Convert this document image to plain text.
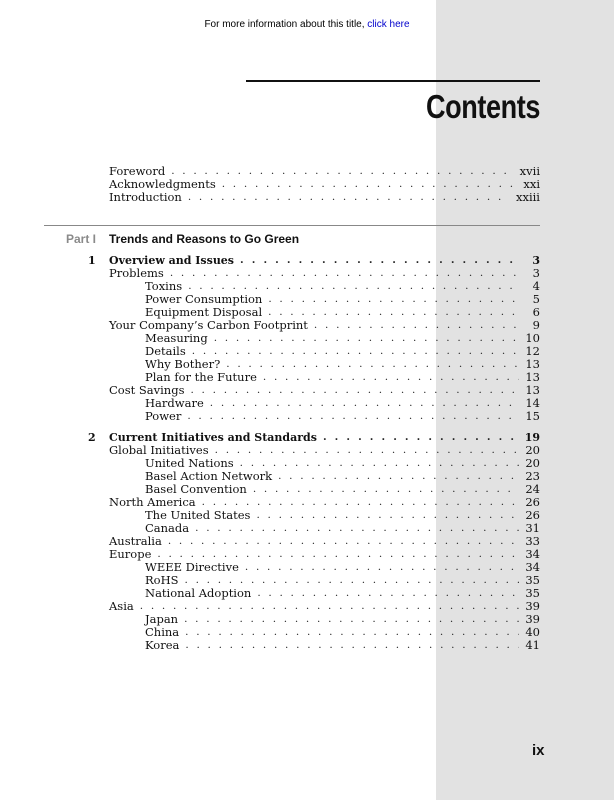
For more information about this title, click here
Contents
Foreword . . .	xvii
Acknowledgments . . .	xxi
Introduction . . .	xxiii
Part I Trends and Reasons to Go Green
1 Overview and Issues . . .	3
Problems . . .	3
Toxins . . .	4
Power Consumption . . .	5
Equipment Disposal . . .	6
Your Company’s Carbon Footprint . . .	9
Measuring . . .	10
Details . . .	12
Why Bother? . . .	13
Plan for the Future . . .	13
Cost Savings . . .	13
Hardware . . .	14
Power . . .	15
2 Current Initiatives and Standards . . .	19
Global Initiatives . . .	20
United Nations . . .	20
Basel Action Network . . .	23
Basel Convention . . .	24
North America . . .	26
The United States . . .	26
Canada . . .	31
Australia . . .	33
Europe . . .	34
WEEE Directive . . .	34
RoHS . . .	35
National Adoption . . .	35
Asia . . .	39
Japan . . .	39
China . . .	40
Korea . . .	41
ix
